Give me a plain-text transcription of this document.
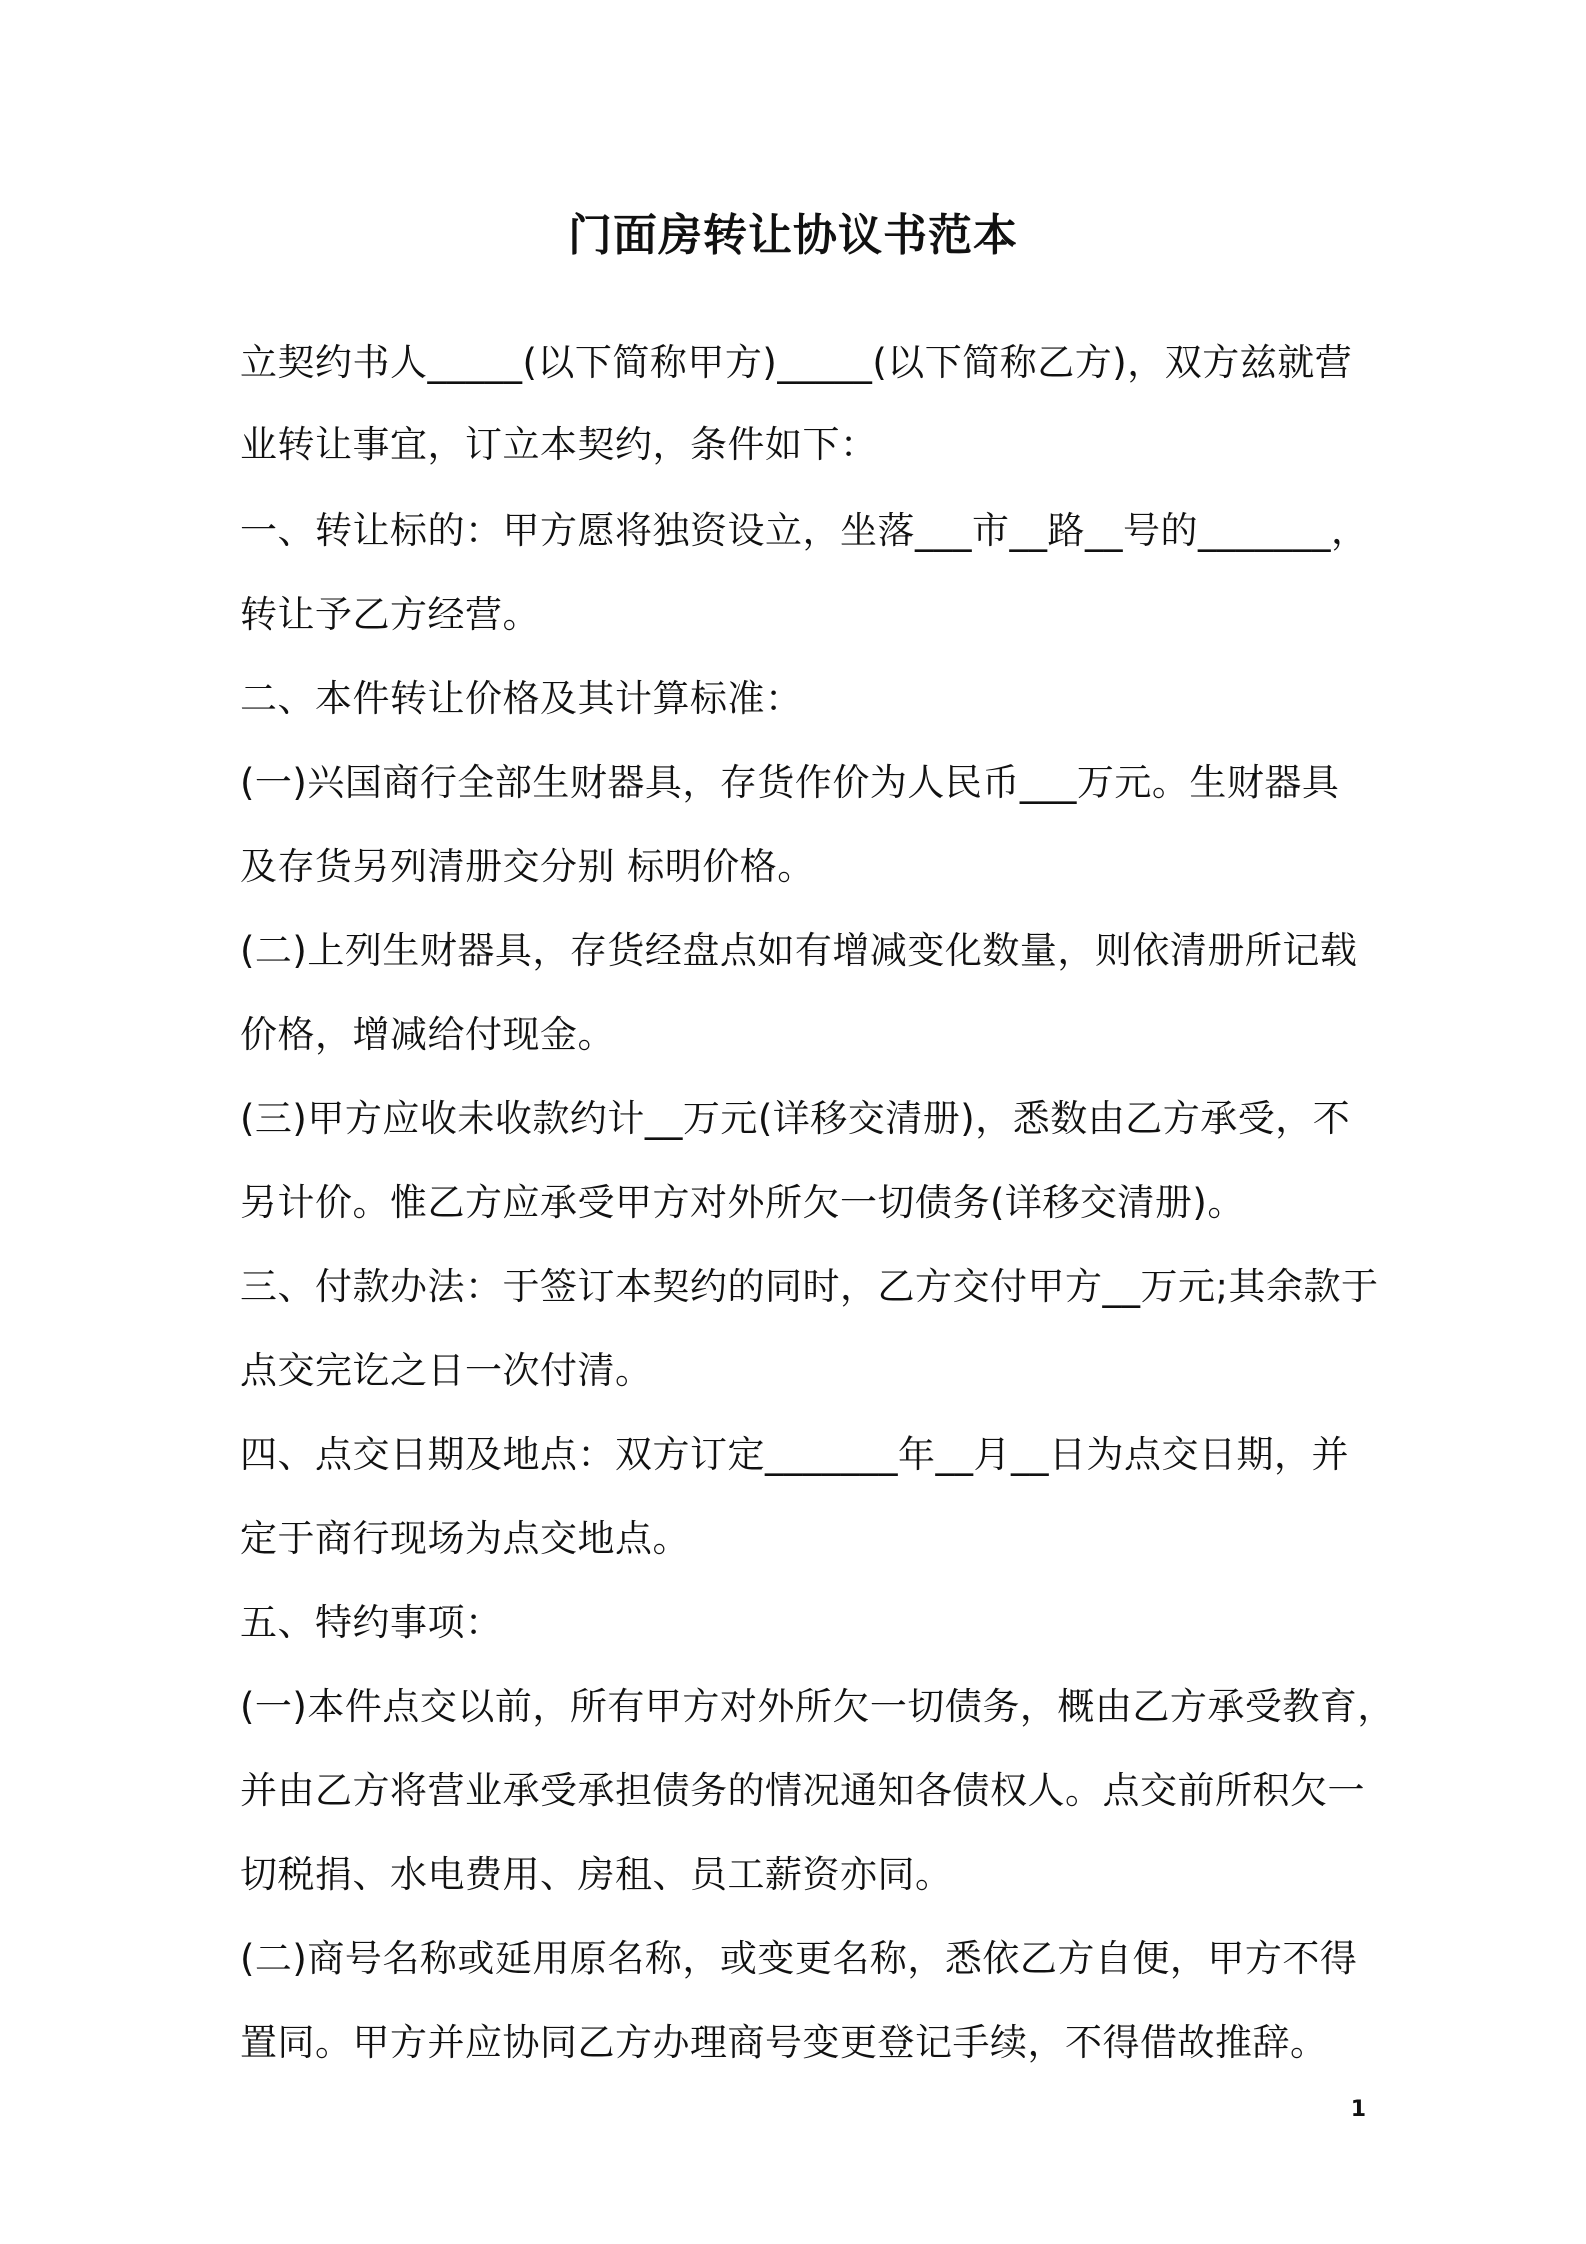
门面房转让协议书范本
立契约书人_____(以下简称甲方)_____(以下简称乙方)，双方兹就营
业转让事宜，订立本契约，条件如下：
一、转让标的：甲方愿将独资设立，坐落___市__路__号的_______，
转让予乙方经营。
二、本件转让价格及其计算标准：
(一)兴国商行全部生财器具，存货作价为人民币___万元。生财器具
及存货另列清册交分别 标明价格。
(二)上列生财器具，存货经盘点如有增减变化数量，则依清册所记载
价格，增减给付现金。
(三)甲方应收未收款约计__万元(详移交清册)，悉数由乙方承受，不
另计价。惟乙方应承受甲方对外所欠一切债务(详移交清册)。
三、付款办法：于签订本契约的同时，乙方交付甲方__万元;其余款于
点交完讫之日一次付清。
四、点交日期及地点：双方订定_______年__月__日为点交日期，并
定于商行现场为点交地点。
五、特约事项：
(一)本件点交以前，所有甲方对外所欠一切债务，概由乙方承受教育，
并由乙方将营业承受承担债务的情况通知各债权人。点交前所积欠一
切税捐、水电费用、房租、员工薪资亦同。
(二)商号名称或延用原名称，或变更名称，悉依乙方自便，甲方不得
置同。甲方并应协同乙方办理商号变更登记手续，不得借故推辞。
1
